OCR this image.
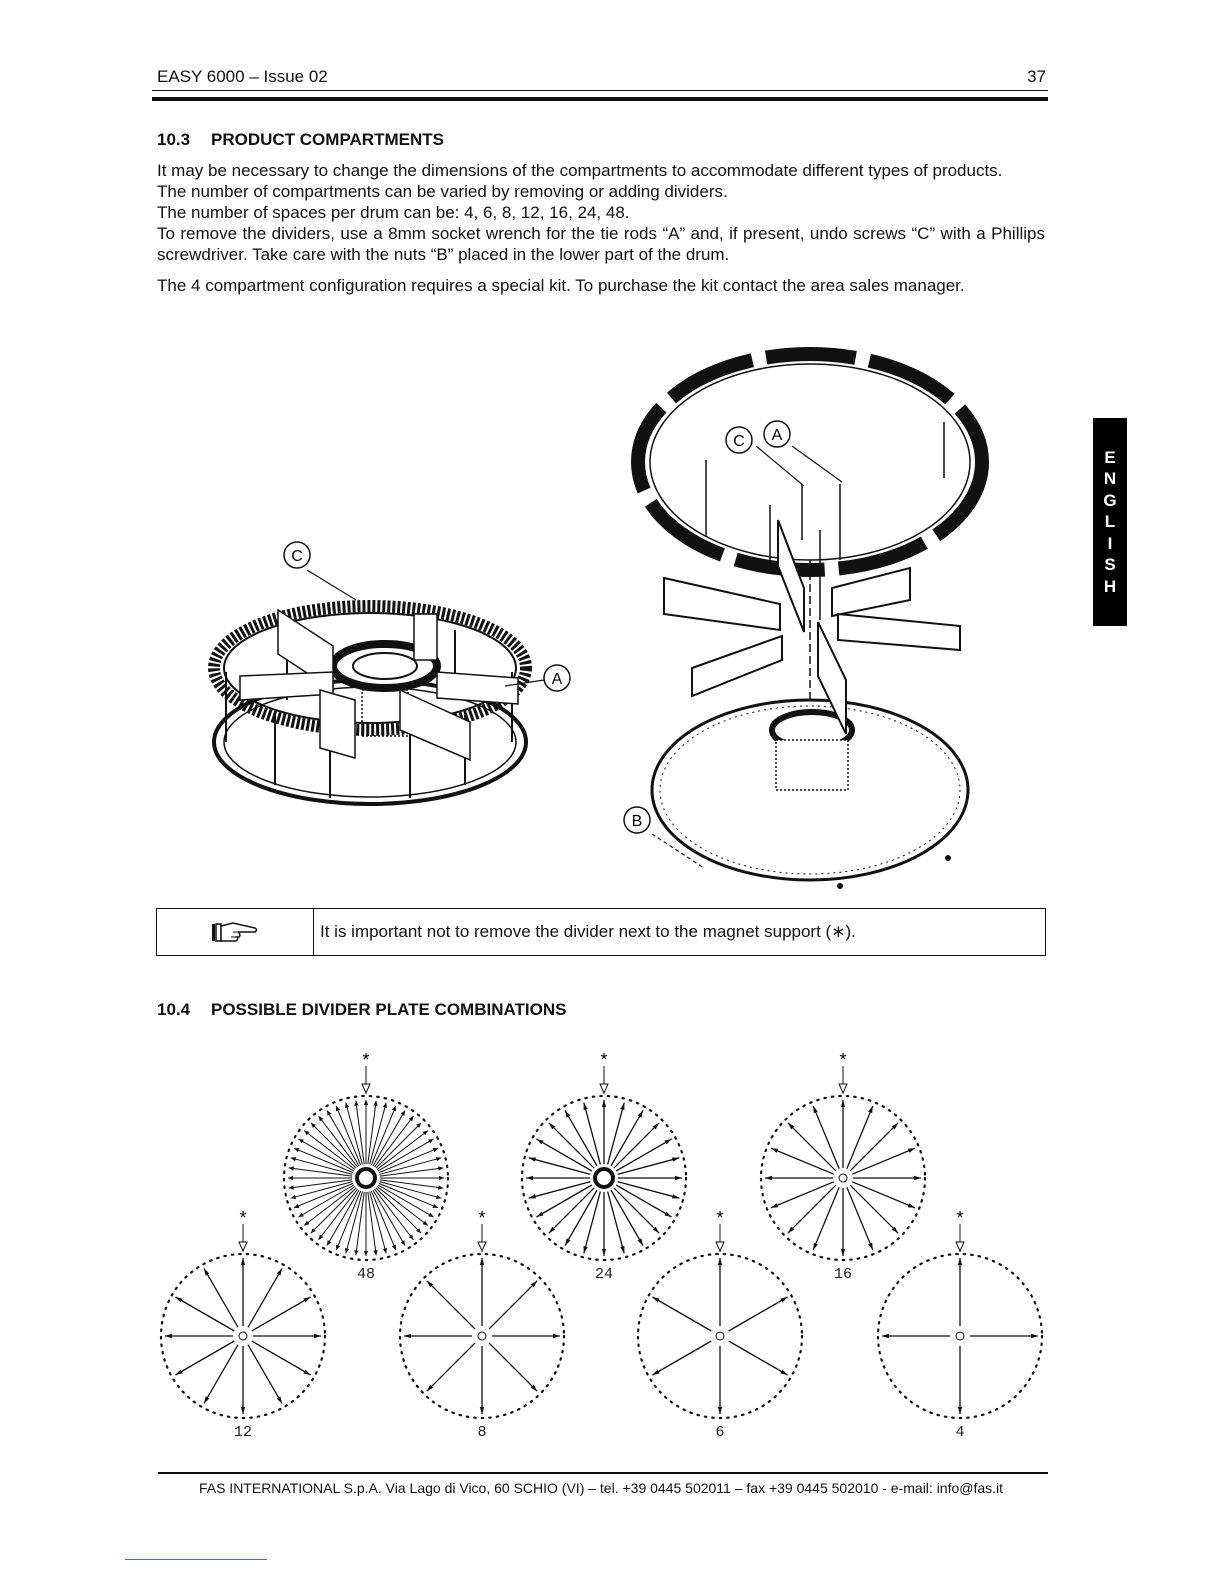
EASY 6000 – Issue 02	37
E
N
G
L
I
S
H
10.3 PRODUCT COMPARTMENTS

It may be necessary to change the dimensions of the compartments to accommodate different types of products.

The number of compartments can be varied by removing or adding dividers.

The number of spaces per drum can be: 4, 6, 8, 12, 16, 24, 48.

To remove the dividers, use a 8mm socket wrench for the tie rods “A” and, if present, undo screws “C” with a Phillips screwdriver. Take care with the nuts “B” placed in the lower part of the drum.

The 4 compartment configuration requires a special kit. To purchase the kit contact the area sales manager.

C
A
C A
B
It is important not to remove the divider next to the magnet support (∗).
10.4 POSSIBLE DIVIDER PLATE COMBINATIONS
*
48
*
24
*
16
*
12
*
8
*
6
*
4
FAS INTERNATIONAL S.p.A. Via Lago di Vico, 60 SCHIO (VI) – tel. +39 0445 502011 – fax +39 0445 502010 - e-mail: info@fas.it
